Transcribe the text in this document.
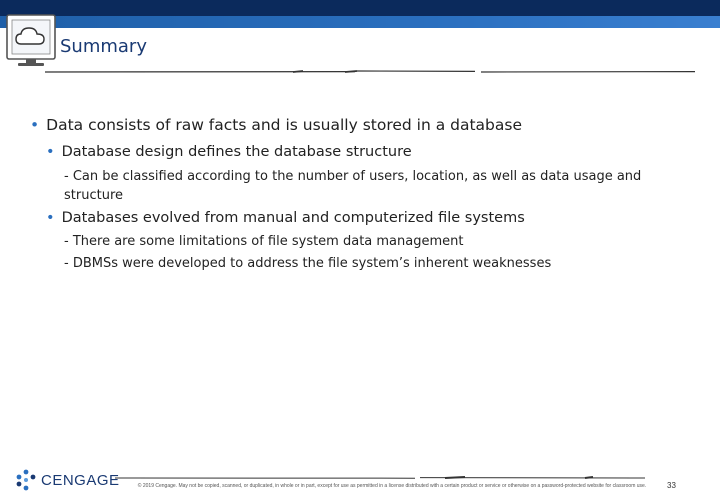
Summary
• Data consists of raw facts and is usually stored in a database
• Database design defines the database structure
- Can be classified according to the number of users, location, as well as data usage and structure
• Databases evolved from manual and computerized file systems
- There are some limitations of file system data management
- DBMSs were developed to address the file system’s inherent weaknesses
CENGAGE	© 2019 Cengage. May not be copied, scanned, or duplicated, in whole or in part, except for use as permitted in a license distributed with a certain product or service or otherwise on a password-protected website for classroom use.	33
